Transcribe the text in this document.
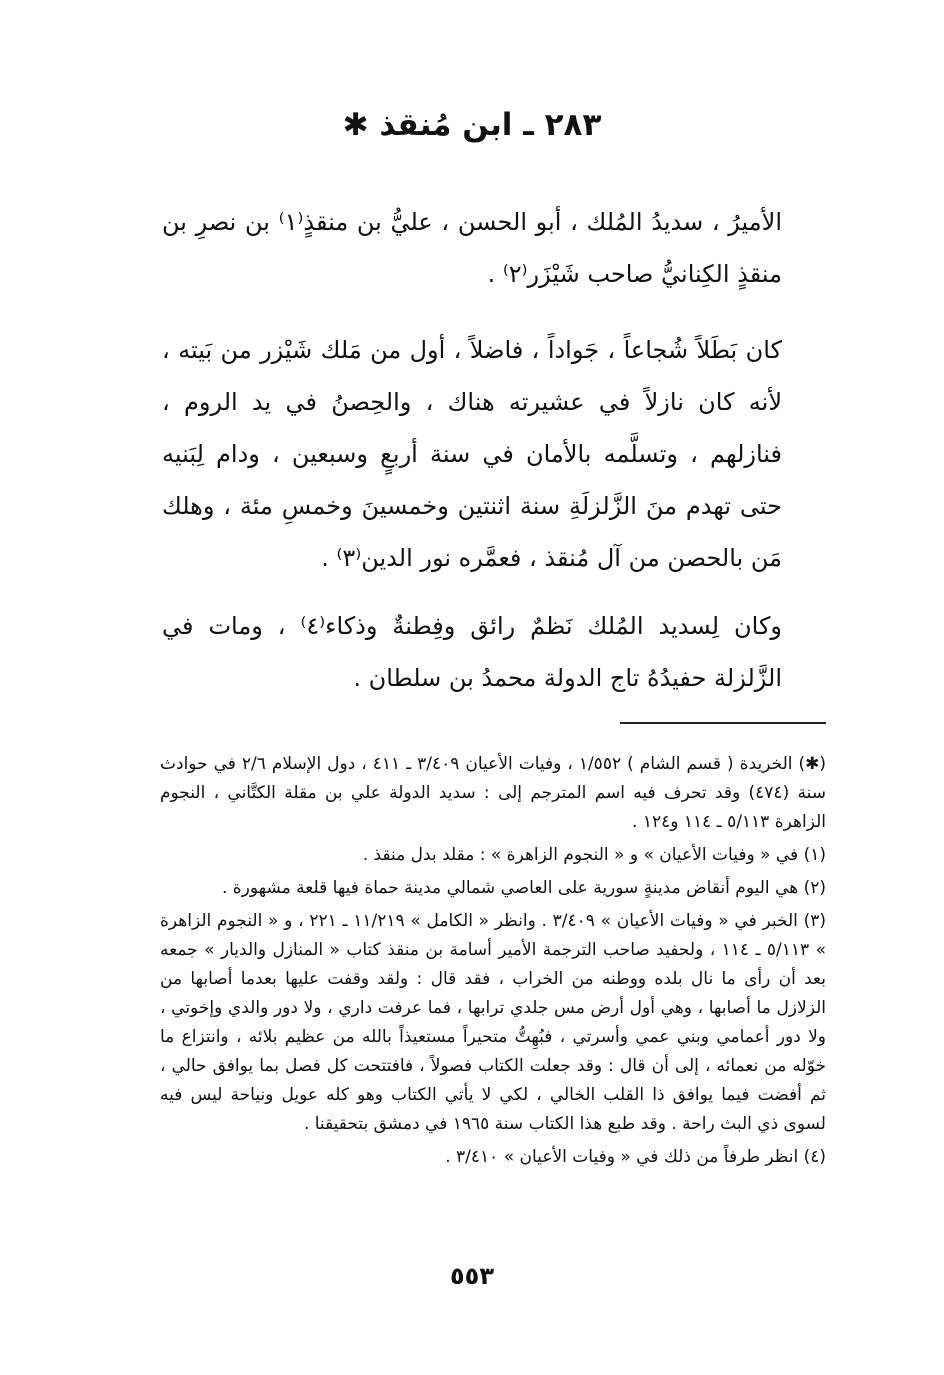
٢٨٣ ـ ابن مُنقذ ✱

الأميرُ ، سديدُ المُلك ، أبو الحسن ، عليُّ بن منقذٍ⁽١⁾ بن نصرِ بن منقذٍ الكِنانيُّ صاحب شَيْزَر⁽٢⁾ .

كان بَطَلاً شُجاعاً ، جَواداً ، فاضلاً ، أول من مَلك شَيْزر من بَيته ، لأنه كان نازلاً في عشيرته هناك ، والحِصنُ في يد الروم ، فنازلهم ، وتسلَّمه بالأمان في سنة أربعٍ وسبعين ، ودام لِبَنيه حتى تهدم منَ الزَّلزلَةِ سنة اثنتين وخمسينَ وخمسِ مئة ، وهلك مَن بالحصن من آل مُنقذ ، فعمَّره نور الدين⁽٣⁾ .

وكان لِسديد المُلك نَظمٌ رائق وفِطنةٌ وذكاء⁽٤⁾ ، ومات في الزَّلزلة حفيدُهُ تاج الدولة محمدُ بن سلطان .

(✱) الخريدة ( قسم الشام ) ١/٥٥٢ ، وفيات الأعيان ٣/٤٠٩ ـ ٤١١ ، دول الإسلام ٢/٦ في حوادث سنة (٤٧٤) وقد تحرف فيه اسم المترجم إلى : سديد الدولة علي بن مقلة الكتَّاني ، النجوم الزاهرة ٥/١١٣ ـ ١١٤ و١٢٤ .
(١) في « وفيات الأعيان » و « النجوم الزاهرة » : مقلد بدل منقذ .
(٢) هي اليوم أنقاض مدينةٍ سورية على العاصي شمالي مدينة حماة فيها قلعة مشهورة .
(٣) الخبر في « وفيات الأعيان » ٣/٤٠٩ . وانظر « الكامل » ١١/٢١٩ ـ ٢٢١ ، و « النجوم الزاهرة » ٥/١١٣ ـ ١١٤ ، ولحفيد صاحب الترجمة الأمير أسامة بن منقذ كتاب « المنازل والديار » جمعه بعد أن رأى ما نال بلده ووطنه من الخراب ، فقد قال : ولقد وقفت عليها بعدما أصابها من الزلازل ما أصابها ، وهي أول أرض مس جلدي ترابها ، فما عرفت داري ، ولا دور والدي وإخوتي ، ولا دور أعمامي وبني عمي وأسرتي ، فبُهِتُّ متحيراً مستعيذاً بالله من عظيم بلائه ، وانتزاع ما خوّله من نعمائه ، إلى أن قال : وقد جعلت الكتاب فصولاً ، فافتتحت كل فصل بما يوافق حالي ، ثم أفضت فيما يوافق ذا القلب الخالي ، لكي لا يأتي الكتاب وهو كله عويل ونياحة ليس فيه لسوى ذي البث راحة . وقد طبع هذا الكتاب سنة ١٩٦٥ في دمشق بتحقيقنا .
(٤) انظر طرفاً من ذلك في « وفيات الأعيان » ٣/٤١٠ .

٥٥٣
